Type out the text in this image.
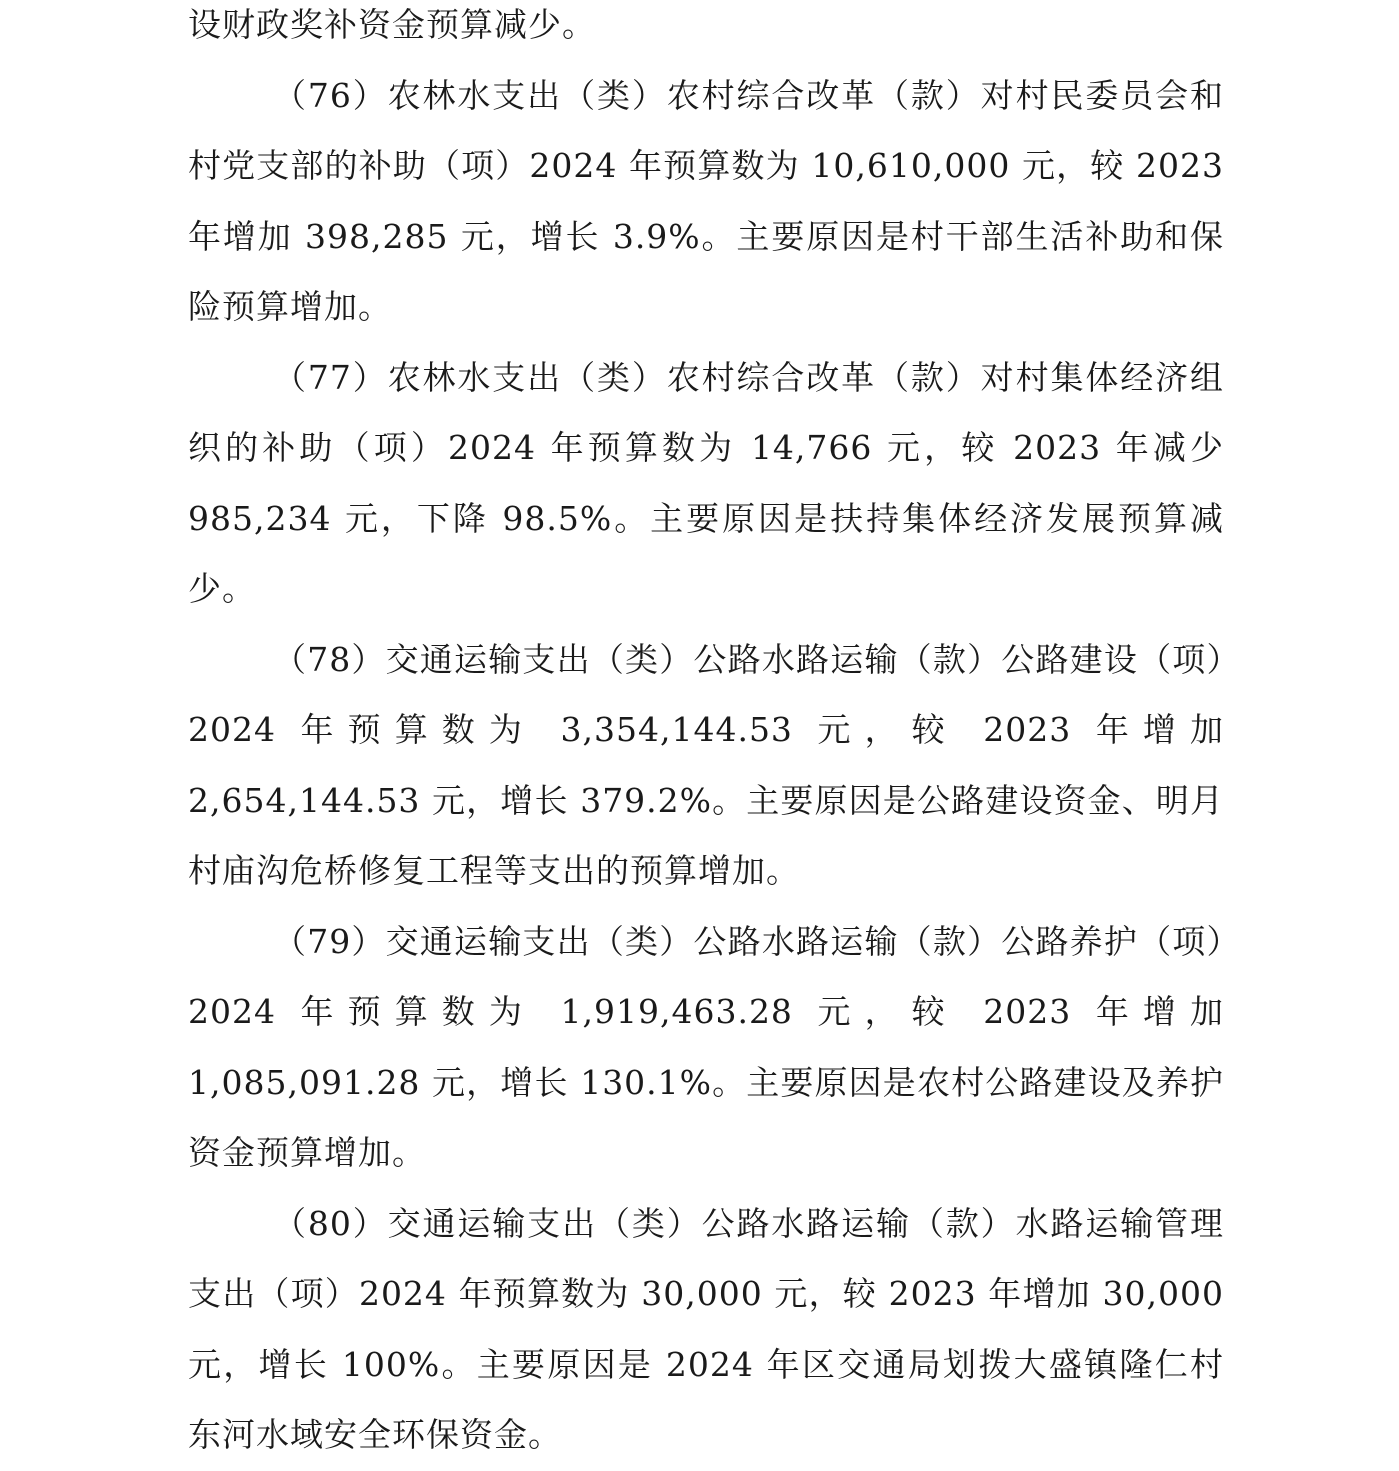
设财政奖补资金预算减少。

（76）农林水支出（类）农村综合改革（款）对村民委员会和村党支部的补助（项）2024 年预算数为 10,610,000 元，较 2023 年增加 398,285 元，增长 3.9%。主要原因是村干部生活补助和保险预算增加。

（77）农林水支出（类）农村综合改革（款）对村集体经济组织的补助（项）2024 年预算数为 14,766 元，较 2023 年减少 985,234 元，下降 98.5%。主要原因是扶持集体经济发展预算减少。

（78）交通运输支出（类）公路水路运输（款）公路建设（项）2024 年预算数为 3,354,144.53 元，较 2023 年增加 2,654,144.53 元，增长 379.2%。主要原因是公路建设资金、明月村庙沟危桥修复工程等支出的预算增加。

（79）交通运输支出（类）公路水路运输（款）公路养护（项）2024 年预算数为 1,919,463.28 元，较 2023 年增加 1,085,091.28 元，增长 130.1%。主要原因是农村公路建设及养护资金预算增加。

（80）交通运输支出（类）公路水路运输（款）水路运输管理支出（项）2024 年预算数为 30,000 元，较 2023 年增加 30,000 元，增长 100%。主要原因是 2024 年区交通局划拨大盛镇隆仁村东河水域安全环保资金。
